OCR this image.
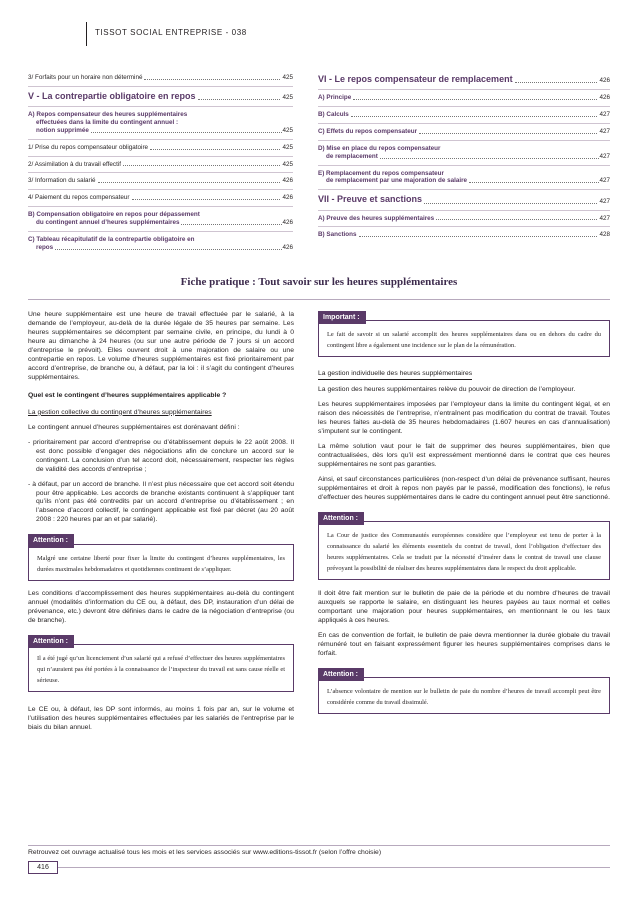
TISSOT SOCIAL ENTREPRISE - 038
3/ Forfaits pour un horaire non déterminé	425
V - La contrepartie obligatoire en repos	425
A) Repos compensateur des heures supplémentaires
effectuées dans la limite du contingent annuel :
notion supprimée	425
1/ Prise du repos compensateur obligatoire	425
2/ Assimilation à du travail effectif	425
3/ Information du salarié	426
4/ Paiement du repos compensateur	426
B) Compensation obligatoire en repos pour dépassement
du contingent annuel d’heures supplémentaires	426
C) Tableau récapitulatif de la contrepartie obligatoire en
repos	426
VI - Le repos compensateur de remplacement	426
A) Principe	426
B) Calculs	427
C) Effets du repos compensateur	427
D) Mise en place du repos compensateur
de remplacement	427
E) Remplacement du repos compensateur
de remplacement par une majoration de salaire	427
VII - Preuve et sanctions	427
A) Preuve des heures supplémentaires	427
B) Sanctions	428
Fiche pratique : Tout savoir sur les heures supplémentaires

Une heure supplémentaire est une heure de travail effectuée par le salarié, à la demande de l’employeur, au-delà de la durée légale de 35 heures par semaine. Les heures supplémentaires se décomptent par semaine civile, en principe, du lundi à 0 heure au dimanche à 24 heures (ou sur une autre période de 7 jours si un accord d’entreprise le prévoit). Elles ouvrent droit à une majoration de salaire ou une contrepartie en repos. Le volume d’heures supplémentaires est fixé prioritairement par accord d’entreprise, de branche ou, à défaut, par la loi : il s’agit du contingent d’heures supplémentaires.

Quel est le contingent d’heures supplémentaires applicable ?

La gestion collective du contingent d’heures supplémentaires

Le contingent annuel d’heures supplémentaires est dorénavant défini :

- prioritairement par accord d’entreprise ou d’établissement depuis le 22 août 2008. Il est donc possible d’engager des négociations afin de conclure un accord sur le contingent. La conclusion d’un tel accord doit, nécessairement, respecter les règles de validité des accords d’entreprise ;

- à défaut, par un accord de branche. Il n’est plus nécessaire que cet accord soit étendu pour être applicable. Les accords de branche existants continuent à s’appliquer tant qu’ils n’ont pas été contredits par un accord d’entreprise ou d’établissement ; en l’absence d’accord collectif, le contingent applicable est fixé par décret (au 20 août 2008 : 220 heures par an et par salarié).

Attention :
Malgré une certaine liberté pour fixer la limite du contingent d’heures supplémentaires, les durées maximales hebdomadaires et quotidiennes continuent de s’appliquer.

Les conditions d’accomplissement des heures supplémentaires au-delà du contingent annuel (modalités d’information du CE ou, à défaut, des DP, instauration d’un délai de prévenance, etc.) devront être définies dans le cadre de la négociation d’entreprise (ou de branche).

Attention :
Il a été jugé qu’un licenciement d’un salarié qui a refusé d’effectuer des heures supplémentaires qui n’auraient pas été portées à la connaissance de l’inspecteur du travail est sans cause réelle et sérieuse.

Le CE ou, à défaut, les DP sont informés, au moins 1 fois par an, sur le volume et l’utilisation des heures supplémentaires effectuées par les salariés de l’entreprise par le biais du bilan annuel.

Important :
Le fait de savoir si un salarié accomplit des heures supplémentaires dans ou en dehors du cadre du contingent libre a également une incidence sur le plan de la rémunération.

La gestion individuelle des heures supplémentaires

La gestion des heures supplémentaires relève du pouvoir de direction de l’employeur.

Les heures supplémentaires imposées par l’employeur dans la limite du contingent légal, et en raison des nécessités de l’entreprise, n’entraînent pas modification du contrat de travail. Toutes les heures faites au-delà de 35 heures hebdomadaires (1.607 heures en cas d’annualisation) s’imputent sur le contingent.

La même solution vaut pour le fait de supprimer des heures supplémentaires, bien que contractualisées, dès lors qu’il est expressément mentionné dans le contrat que ces heures supplémentaires ne sont pas garanties.

Ainsi, et sauf circonstances particulières (non-respect d’un délai de prévenance suffisant, heures supplémentaires et droit à repos non payés par le passé, modification des fonctions), le refus d’effectuer des heures supplémentaires dans le cadre du contingent annuel peut être sanctionné.

Attention :
La Cour de justice des Communautés européennes considère que l’employeur est tenu de porter à la connaissance du salarié les éléments essentiels du contrat de travail, dont l’obligation d’effectuer des heures supplémentaires. Cela se traduit par la nécessité d’insérer dans le contrat de travail une clause prévoyant la possibilité de réaliser des heures supplémentaires dans le respect du droit applicable.

Il doit être fait mention sur le bulletin de paie de la période et du nombre d’heures de travail auxquels se rapporte le salaire, en distinguant les heures payées au taux normal et celles comportant une majoration pour heures supplémentaires, en mentionnant le ou les taux appliqués à ces heures.

En cas de convention de forfait, le bulletin de paie devra mentionner la durée globale du travail rémunéré tout en faisant expressément figurer les heures supplémentaires comprises dans le forfait.

Attention :
L’absence volontaire de mention sur le bulletin de paie du nombre d’heures de travail accompli peut être considérée comme du travail dissimulé.
Retrouvez cet ouvrage actualisé tous les mois et les services associés sur www.editions-tissot.fr (selon l’offre choisie)
416
